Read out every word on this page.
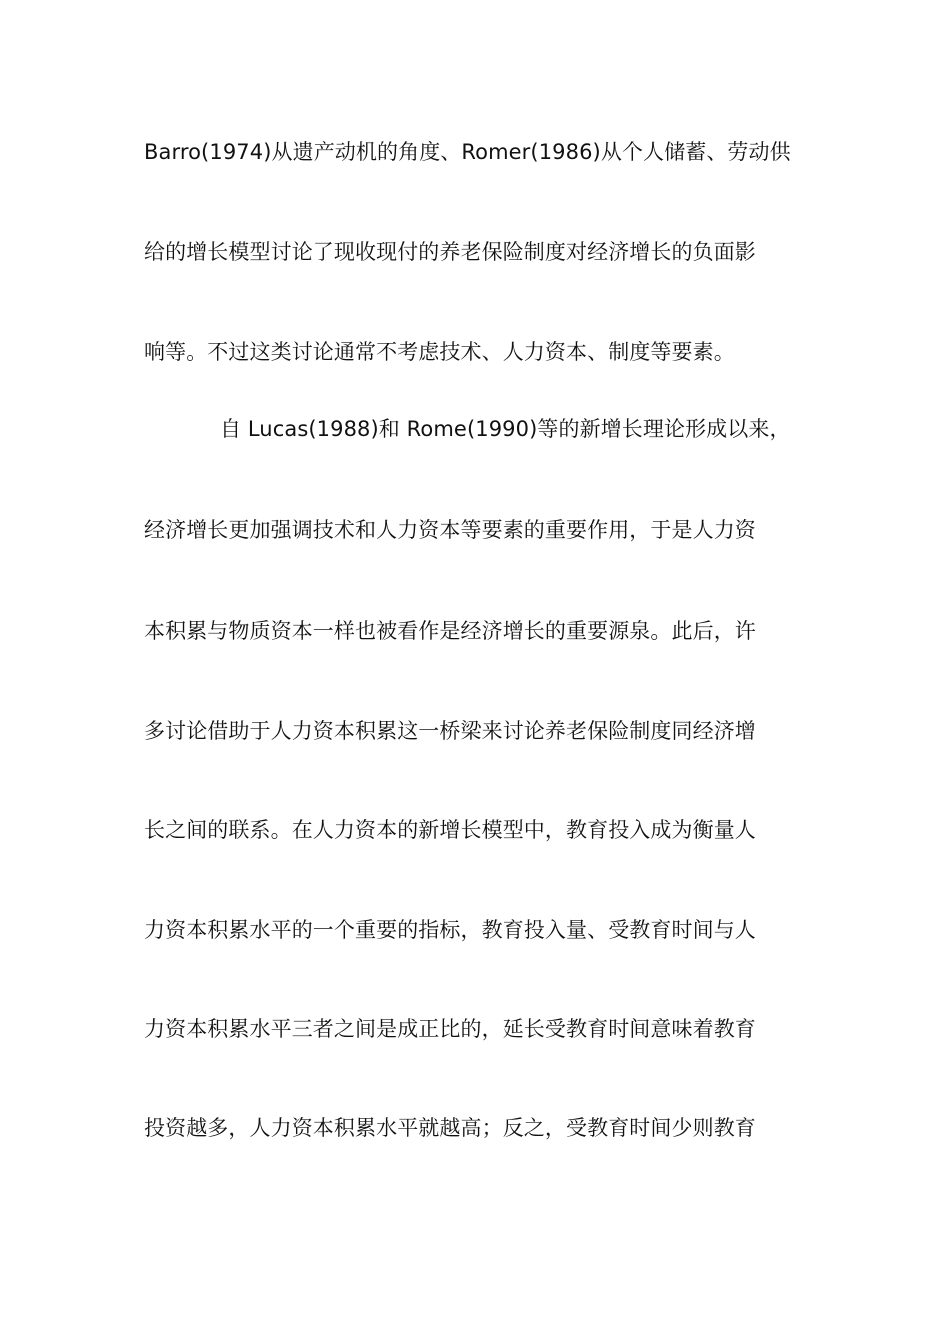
Barro(1974)从遗产动机的角度、Romer(1986)从个人储蓄、劳动供
给的增长模型讨论了现收现付的养老保险制度对经济增长的负面影
响等。不过这类讨论通常不考虑技术、人力资本、制度等要素。
自 Lucas(1988)和 Rome(1990)等的新增长理论形成以来，
经济增长更加强调技术和人力资本等要素的重要作用，于是人力资
本积累与物质资本一样也被看作是经济增长的重要源泉。此后，许
多讨论借助于人力资本积累这一桥梁来讨论养老保险制度同经济增
长之间的联系。在人力资本的新增长模型中，教育投入成为衡量人
力资本积累水平的一个重要的指标，教育投入量、受教育时间与人
力资本积累水平三者之间是成正比的，延长受教育时间意味着教育
投资越多，人力资本积累水平就越高；反之，受教育时间少则教育
